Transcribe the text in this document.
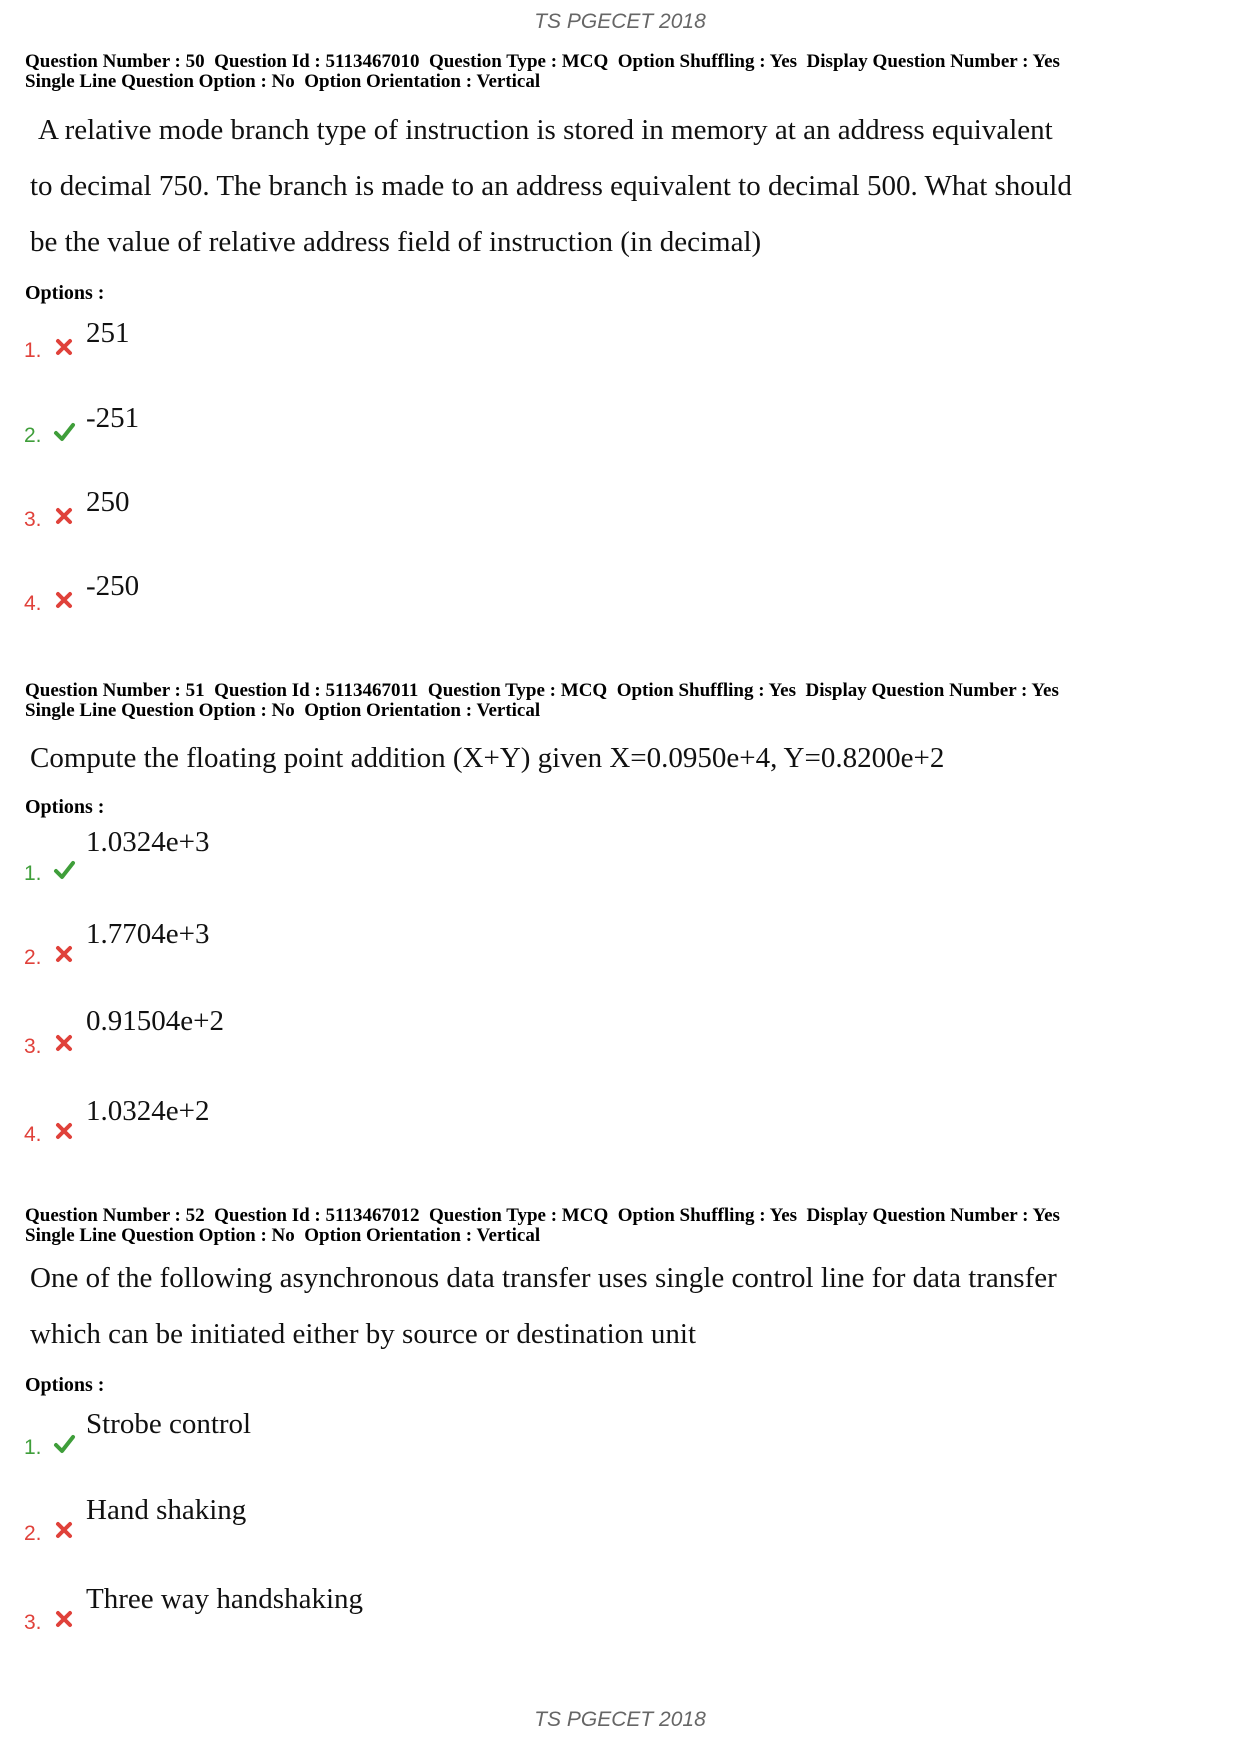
TS PGECET 2018
Question Number : 50  Question Id : 5113467010  Question Type : MCQ  Option Shuffling : Yes  Display Question Number : Yes
Single Line Question Option : No  Option Orientation : Vertical
A relative mode branch type of instruction is stored in memory at an address equivalent
to decimal 750. The branch is made to an address equivalent to decimal 500. What should
be the value of relative address field of instruction (in decimal)
Options :
1.
251
2.
-251
3.
250
4.
-250
Question Number : 51  Question Id : 5113467011  Question Type : MCQ  Option Shuffling : Yes  Display Question Number : Yes
Single Line Question Option : No  Option Orientation : Vertical
Compute the floating point addition (X+Y) given X=0.0950e+4, Y=0.8200e+2
Options :
1.
1.0324e+3
2.
1.7704e+3
3.
0.91504e+2
4.
1.0324e+2
Question Number : 52  Question Id : 5113467012  Question Type : MCQ  Option Shuffling : Yes  Display Question Number : Yes
Single Line Question Option : No  Option Orientation : Vertical
One of the following asynchronous data transfer uses single control line for data transfer
which can be initiated either by source or destination unit
Options :
1.
Strobe control
2.
Hand shaking
3.
Three way handshaking
TS PGECET 2018
